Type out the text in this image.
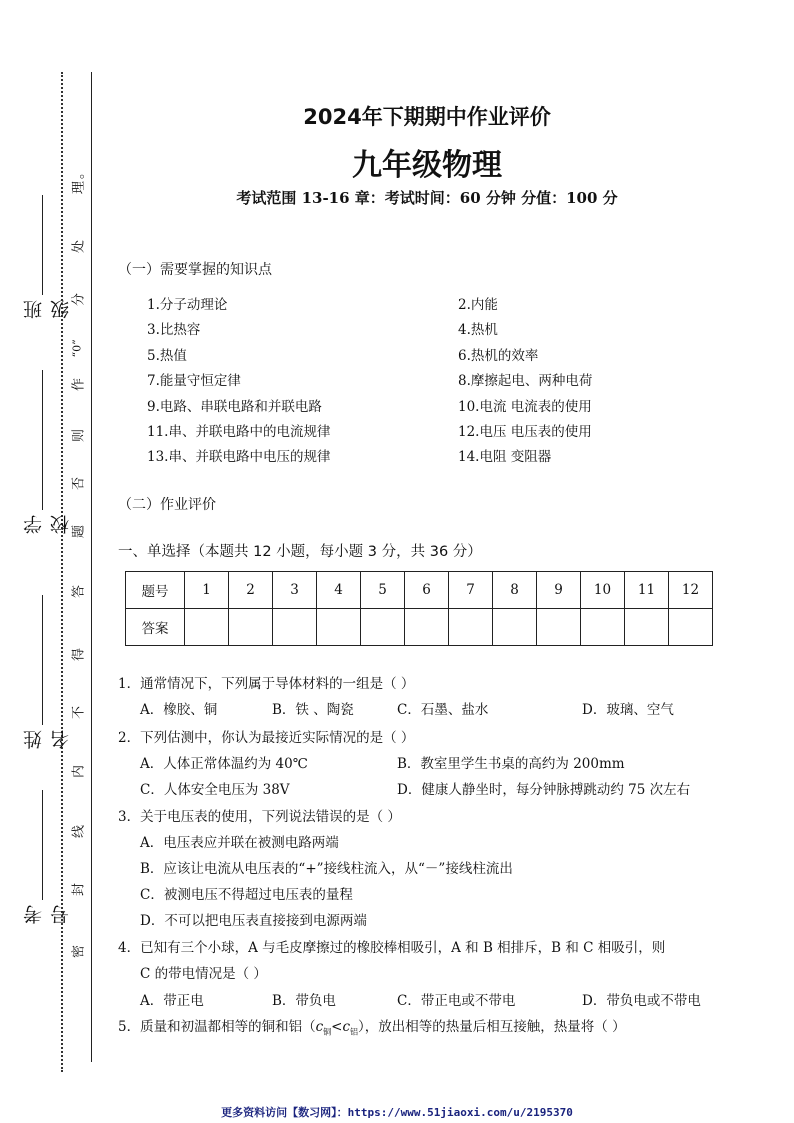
班级
学校
姓名
考号
。
理
处
分
“0”
作
则
否
题
答
得
不
内
线
封
密
2024年下期期中作业评价
九年级物理
考试范围 13-16 章：考试时间：60 分钟 分值：100 分
（一）需要掌握的知识点
1.分子动理论	2.内能
3.比热容	4.热机
5.热值	6.热机的效率
7.能量守恒定律	8.摩擦起电、两种电荷
9.电路、串联电路和并联电路	10.电流 电流表的使用
11.串、并联电路中的电流规律	12.电压 电压表的使用
13.串、并联电路中电压的规律	14.电阻 变阻器
（二）作业评价
一、单选择（本题共 12 小题，每小题 3 分，共 36 分）
题号	1	2	3	4	5	6	7	8	9	10	11	12
答案												
1．通常情况下，下列属于导体材料的一组是（ ）
A．橡胶、铜	B．铁 、陶瓷	C．石墨、盐水	D．玻璃、空气
2．下列估测中，你认为最接近实际情况的是（ ）
A．人体正常体温约为 40℃	B．教室里学生书桌的高约为 200mm
C．人体安全电压为 38V	D．健康人静坐时，每分钟脉搏跳动约 75 次左右
3．关于电压表的使用，下列说法错误的是（ ）
A．电压表应并联在被测电路两端
B．应该让电流从电压表的“+”接线柱流入，从“－”接线柱流出
C．被测电压不得超过电压表的量程
D．不可以把电压表直接接到电源两端
4．已知有三个小球，A 与毛皮摩擦过的橡胶棒相吸引，A 和 B 相排斥，B 和 C 相吸引，则
C 的带电情况是（ ）
A．带正电	B．带负电	C．带正电或不带电	D．带负电或不带电
5．质量和初温都相等的铜和铝$(c_铜<c_铝)$，放出相等的热量后相互接触，热量将（ ）
更多资料访问【数习网】：https://www.51jiaoxi.com/u/2195370
